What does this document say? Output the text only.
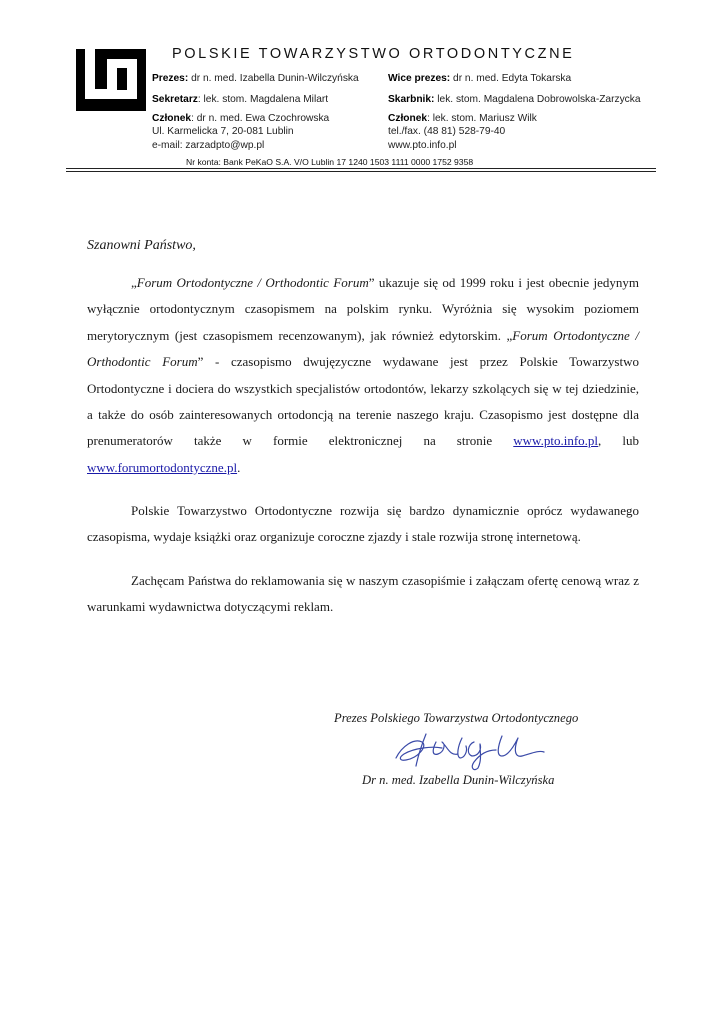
POLSKIE TOWARZYSTWO ORTODONTYCZNE
Prezes: dr n. med. Izabella Dunin-Wilczyńska
Sekretarz: lek. stom. Magdalena Milart
Członek: dr n. med. Ewa Czochrowska
Ul. Karmelicka 7, 20-081 Lublin
e-mail: zarzadpto@wp.pl
Wice prezes: dr n. med. Edyta Tokarska
Skarbnik: lek. stom. Magdalena Dobrowolska-Zarzycka
Członek: lek. stom. Mariusz Wilk
tel./fax. (48 81) 528-79-40
www.pto.info.pl
Nr konta: Bank PeKaO S.A. V/O Lublin 17 1240 1503 1111 0000 1752 9358
Szanowni Państwo,
„Forum Ortodontyczne / Orthodontic Forum” ukazuje się od 1999 roku i jest obecnie jedynym wyłącznie ortodontycznym czasopismem na polskim rynku. Wyróżnia się wysokim poziomem merytorycznym (jest czasopismem recenzowanym), jak również edytorskim. „Forum Ortodontyczne / Orthodontic Forum” - czasopismo dwujęzyczne wydawane jest przez Polskie Towarzystwo Ortodontyczne i dociera do wszystkich specjalistów ortodontów, lekarzy szkolących się w tej dziedzinie, a także do osób zainteresowanych ortodoncją na terenie naszego kraju. Czasopismo jest dostępne dla prenumeratorów także w formie elektronicznej na stronie www.pto.info.pl, lub www.forumortodontyczne.pl.
Polskie Towarzystwo Ortodontyczne rozwija się bardzo dynamicznie oprócz wydawanego czasopisma, wydaje książki oraz organizuje coroczne zjazdy i stale rozwija stronę internetową.
Zachęcam Państwa do reklamowania się w naszym czasopiśmie i załączam ofertę cenową wraz z warunkami wydawnictwa dotyczącymi reklam.
Prezes Polskiego Towarzystwa Ortodontycznego
Dr n. med. Izabella Dunin-Wilczyńska
